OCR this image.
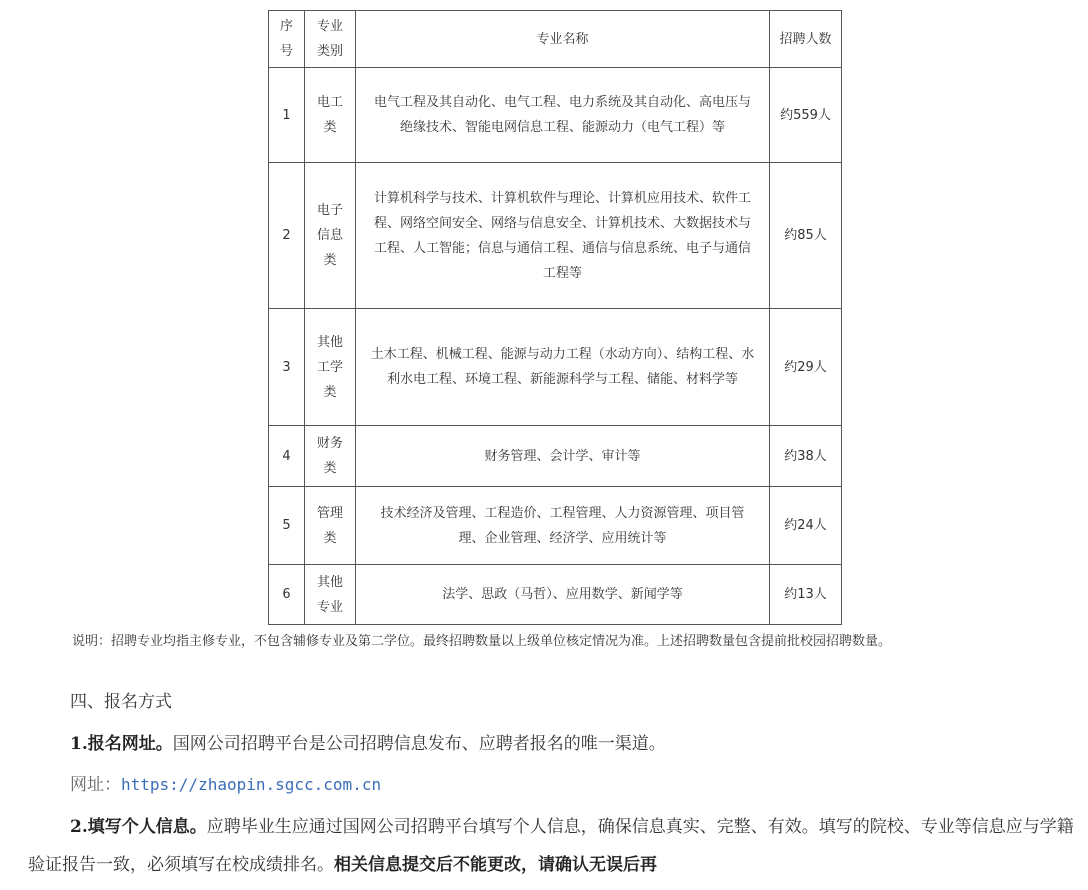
序号	专业类别	专业名称	招聘人数
1	电工类	电气工程及其自动化、电气工程、电力系统及其自动化、高电压与绝缘技术、智能电网信息工程、能源动力（电气工程）等	约559人
2	电子信息类	计算机科学与技术、计算机软件与理论、计算机应用技术、软件工程、网络空间安全、网络与信息安全、计算机技术、大数据技术与工程、人工智能；信息与通信工程、通信与信息系统、电子与通信工程等	约85人
3	其他工学类	土木工程、机械工程、能源与动力工程（水动方向）、结构工程、水利水电工程、环境工程、新能源科学与工程、储能、材料学等	约29人
4	财务类	财务管理、会计学、审计等	约38人
5	管理类	技术经济及管理、工程造价、工程管理、人力资源管理、项目管理、企业管理、经济学、应用统计等	约24人
6	其他专业	法学、思政（马哲）、应用数学、新闻学等	约13人

说明：招聘专业均指主修专业，不包含辅修专业及第二学位。最终招聘数量以上级单位核定情况为准。上述招聘数量包含提前批校园招聘数量。

四、报名方式

1.报名网址。国网公司招聘平台是公司招聘信息发布、应聘者报名的唯一渠道。

网址：https://zhaopin.sgcc.com.cn

2.填写个人信息。应聘毕业生应通过国网公司招聘平台填写个人信息，确保信息真实、完整、有效。填写的院校、专业等信息应与学籍验证报告一致，必须填写在校成绩排名。相关信息提交后不能更改，请确认无误后再
